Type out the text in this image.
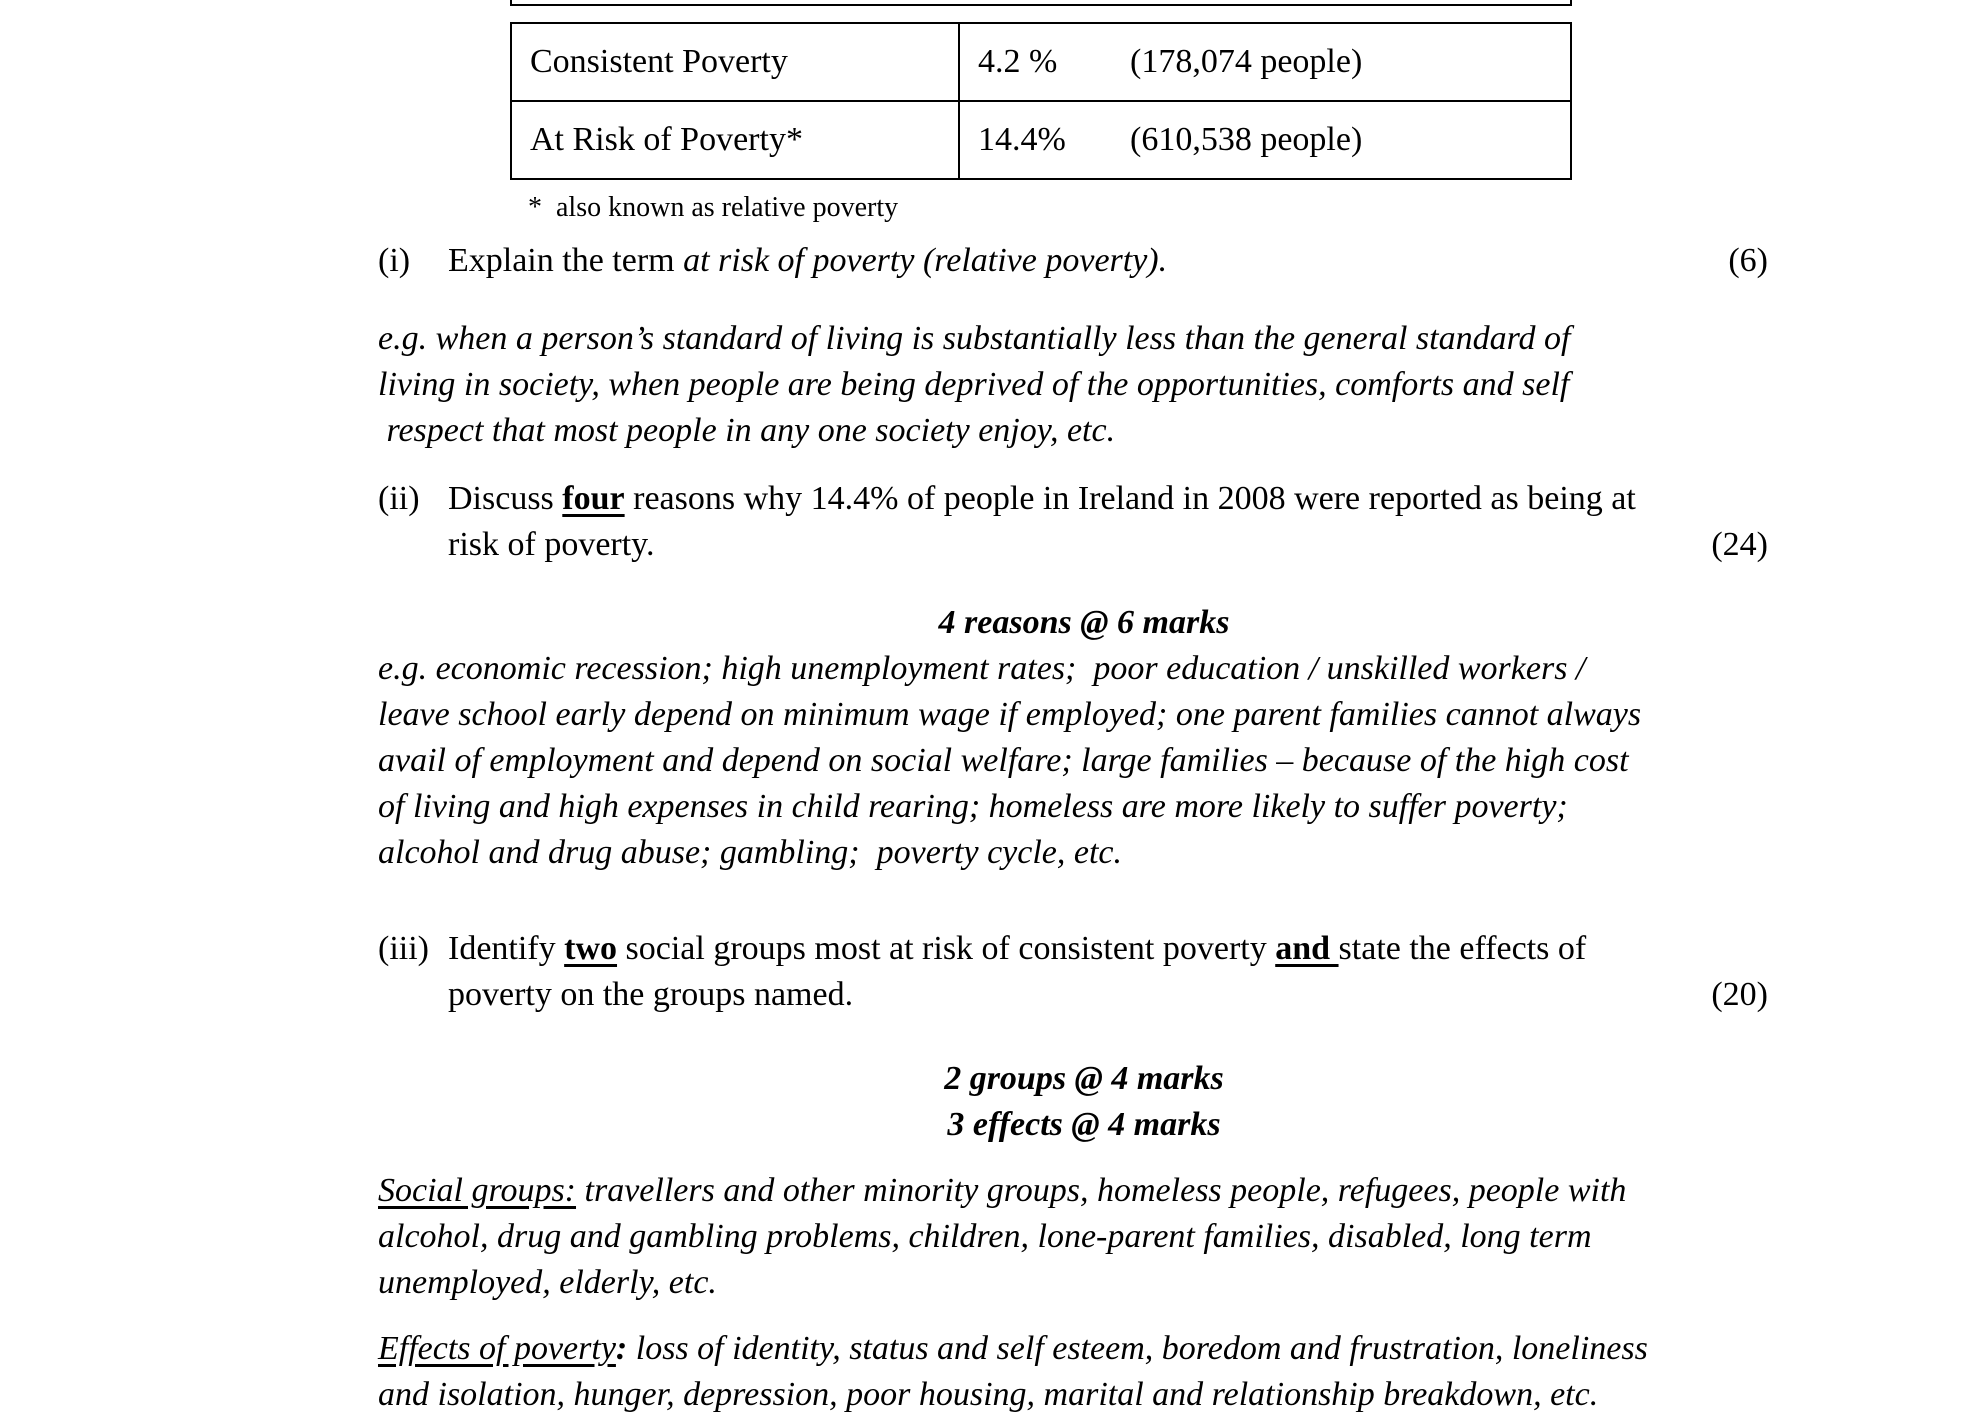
Consistent Poverty	4.2 % (178,074 people)
At Risk of Poverty*	14.4% (610,538 people)
*  also known as relative poverty
(i)	Explain the term at risk of poverty (relative poverty).	(6)
e.g. when a person’s standard of living is substantially less than the general standard of
living in society, when people are being deprived of the opportunities, comforts and self
respect that most people in any one society enjoy, etc.
(ii) Discuss four reasons why 14.4% of people in Ireland in 2008 were reported as being at
risk of poverty.	(24)
4 reasons @ 6 marks
e.g. economic recession; high unemployment rates;  poor education / unskilled workers /
leave school early depend on minimum wage if employed; one parent families cannot always
avail of employment and depend on social welfare; large families – because of the high cost
of living and high expenses in child rearing; homeless are more likely to suffer poverty;
alcohol and drug abuse; gambling;  poverty cycle, etc.
(iii) Identify two social groups most at risk of consistent poverty and state the effects of
poverty on the groups named.	(20)
2 groups @ 4 marks
3 effects @ 4 marks
Social groups: travellers and other minority groups, homeless people, refugees, people with
alcohol, drug and gambling problems, children, lone-parent families, disabled, long term
unemployed, elderly, etc.
Effects of poverty: loss of identity, status and self esteem, boredom and frustration, loneliness
and isolation, hunger, depression, poor housing, marital and relationship breakdown, etc.
